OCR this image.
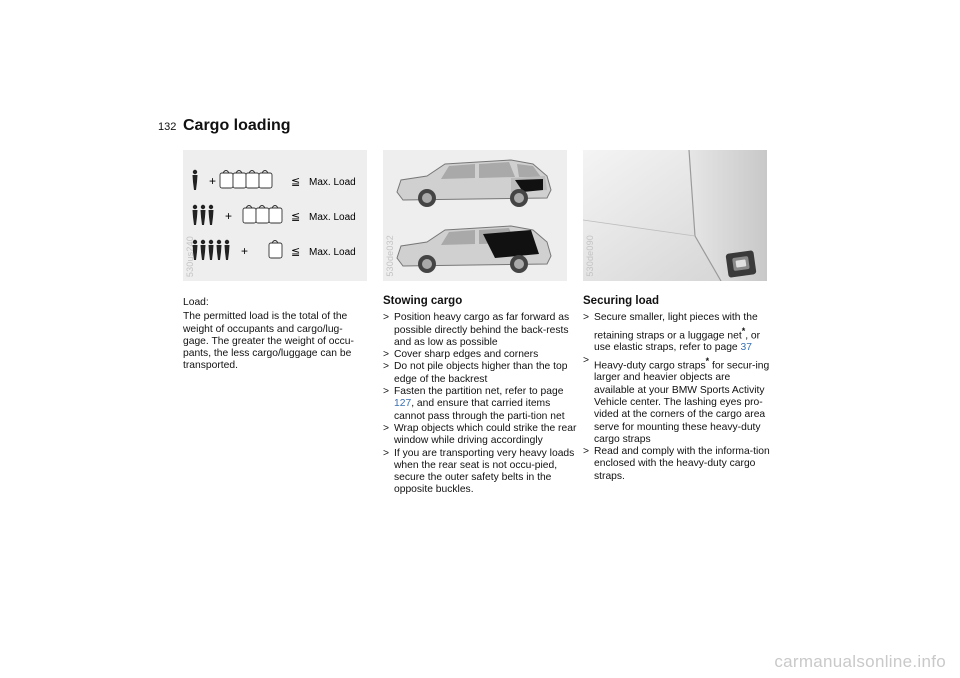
132 Cargo loading
+	≦ Max. Load
+	≦ Max. Load
+	≦ Max. Load
530us240	530de032	530de090

Load:

The permitted load is the total of the weight of occupants and cargo/lug-gage. The greater the weight of occu-pants, the less cargo/luggage can be transported.

Stowing cargo
> Position heavy cargo as far forward as possible directly behind the back-rests and as low as possible
> Cover sharp edges and corners
> Do not pile objects higher than the top edge of the backrest
> Fasten the partition net, refer to page 127, and ensure that carried items cannot pass through the parti-tion net
> Wrap objects which could strike the rear window while driving accordingly
> If you are transporting very heavy loads when the rear seat is not occu-pied, secure the outer safety belts in the opposite buckles.
Securing load
> Secure smaller, light pieces with the retaining straps or a luggage net*, or use elastic straps, refer to page 37
> Heavy-duty cargo straps* for secur-ing larger and heavier objects are available at your BMW Sports Activity Vehicle center. The lashing eyes pro-vided at the corners of the cargo area serve for mounting these heavy-duty cargo straps
> Read and comply with the informa-tion enclosed with the heavy-duty cargo straps.
carmanualsonline.info
